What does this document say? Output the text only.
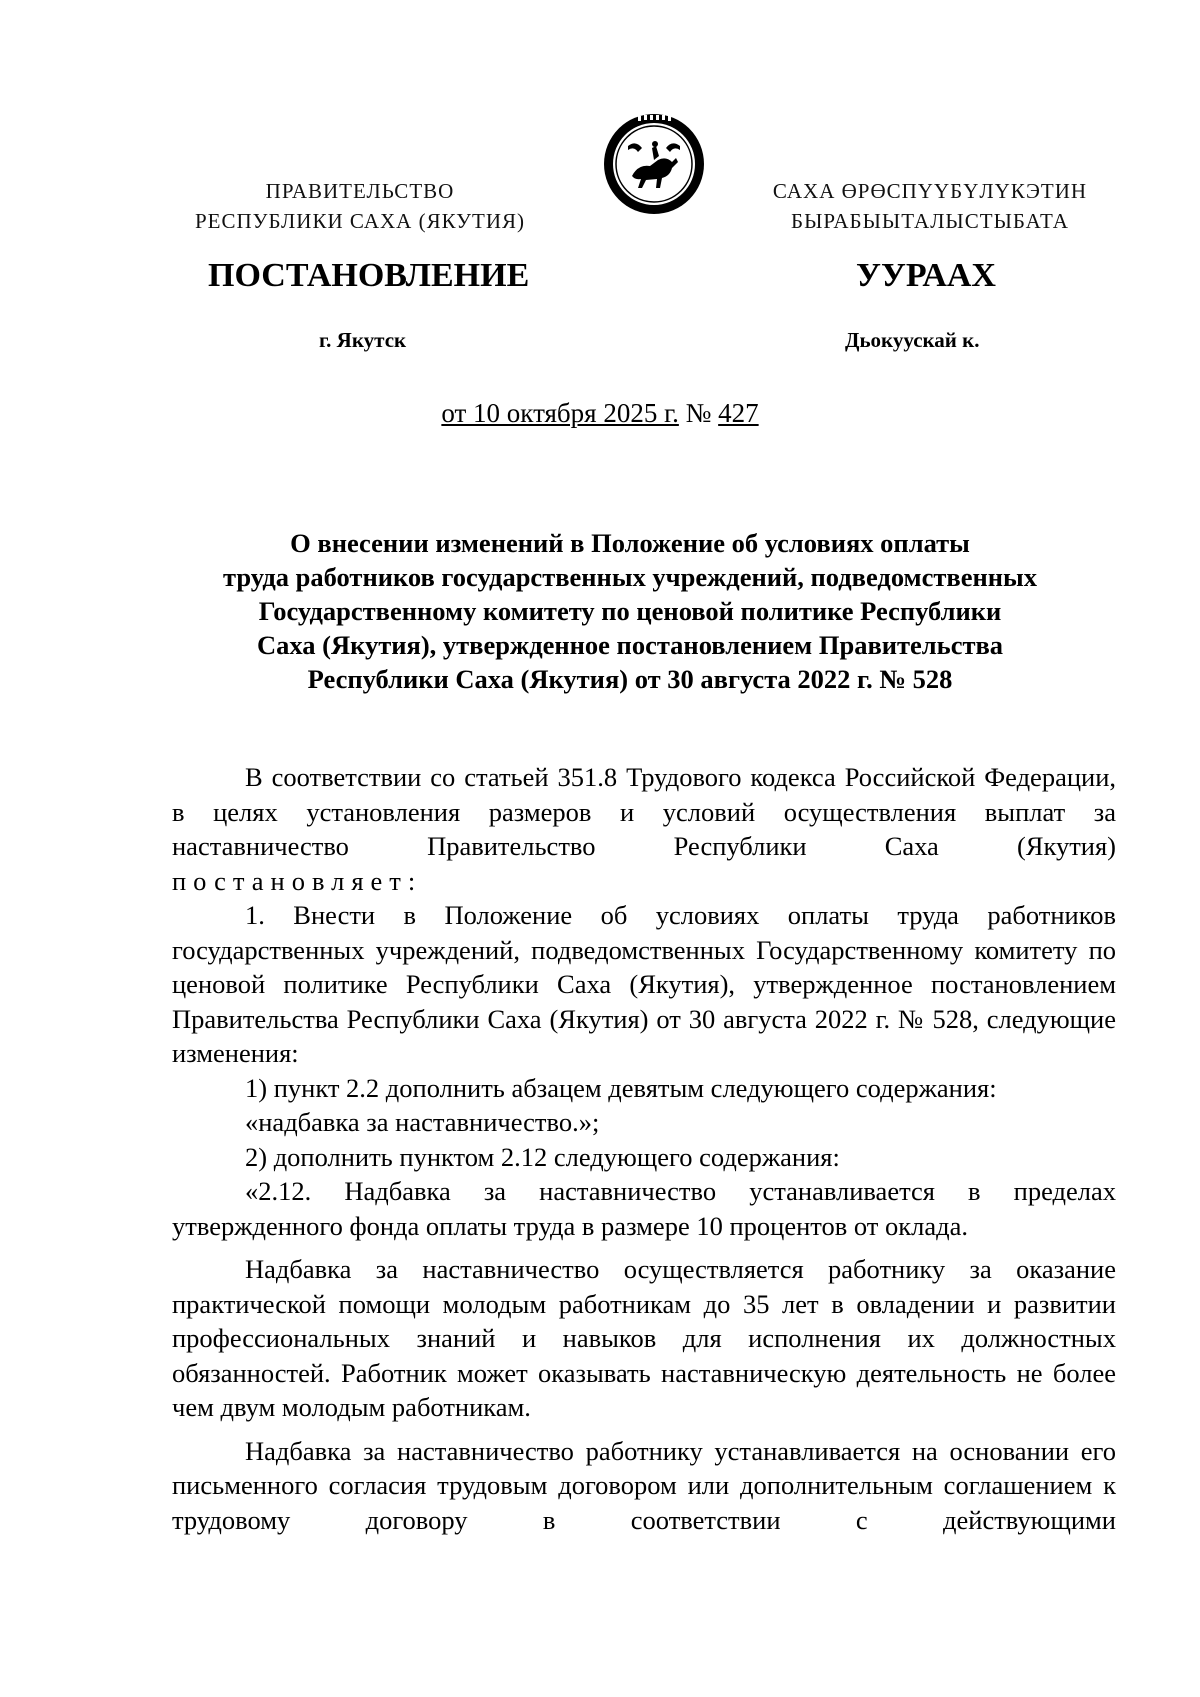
ПРАВИТЕЛЬСТВО
РЕСПУБЛИКИ САХА (ЯКУТИЯ)
САХА ӨРӨСПҮҮБҮЛҮКЭТИН
БЫРАБЫЫТАЛЫСТЫБАТА
ПОСТАНОВЛЕНИЕ	УУРААХ
г. Якутск	Дьокуускай к.
от 10 октября 2025 г. № 427
О внесении изменений в Положение об условиях оплаты
труда работников государственных учреждений, подведомственных
Государственному комитету по ценовой политике Республики
Саха (Якутия), утвержденное постановлением Правительства
Республики Саха (Якутия) от 30 августа 2022 г. № 528

В соответствии со статьей 351.8 Трудового кодекса Российской Федерации, в целях установления размеров и условий осуществления выплат за наставничество Правительство Республики Саха (Якутия)

постановляет:

1. Внести в Положение об условиях оплаты труда работников государственных учреждений, подведомственных Государственному комитету по ценовой политике Республики Саха (Якутия), утвержденное постановлением Правительства Республики Саха (Якутия) от 30 августа 2022 г. № 528, следующие изменения:

1) пункт 2.2 дополнить абзацем девятым следующего содержания:

«надбавка за наставничество.»;

2) дополнить пунктом 2.12 следующего содержания:

«2.12. Надбавка за наставничество устанавливается в пределах утвержденного фонда оплаты труда в размере 10 процентов от оклада.

Надбавка за наставничество осуществляется работнику за оказание практической помощи молодым работникам до 35 лет в овладении и развитии профессиональных знаний и навыков для исполнения их должностных обязанностей. Работник может оказывать наставническую деятельность не более чем двум молодым работникам.

Надбавка за наставничество работнику устанавливается на основании его письменного согласия трудовым договором или дополнительным соглашением к трудовому договору в соответствии с действующими
